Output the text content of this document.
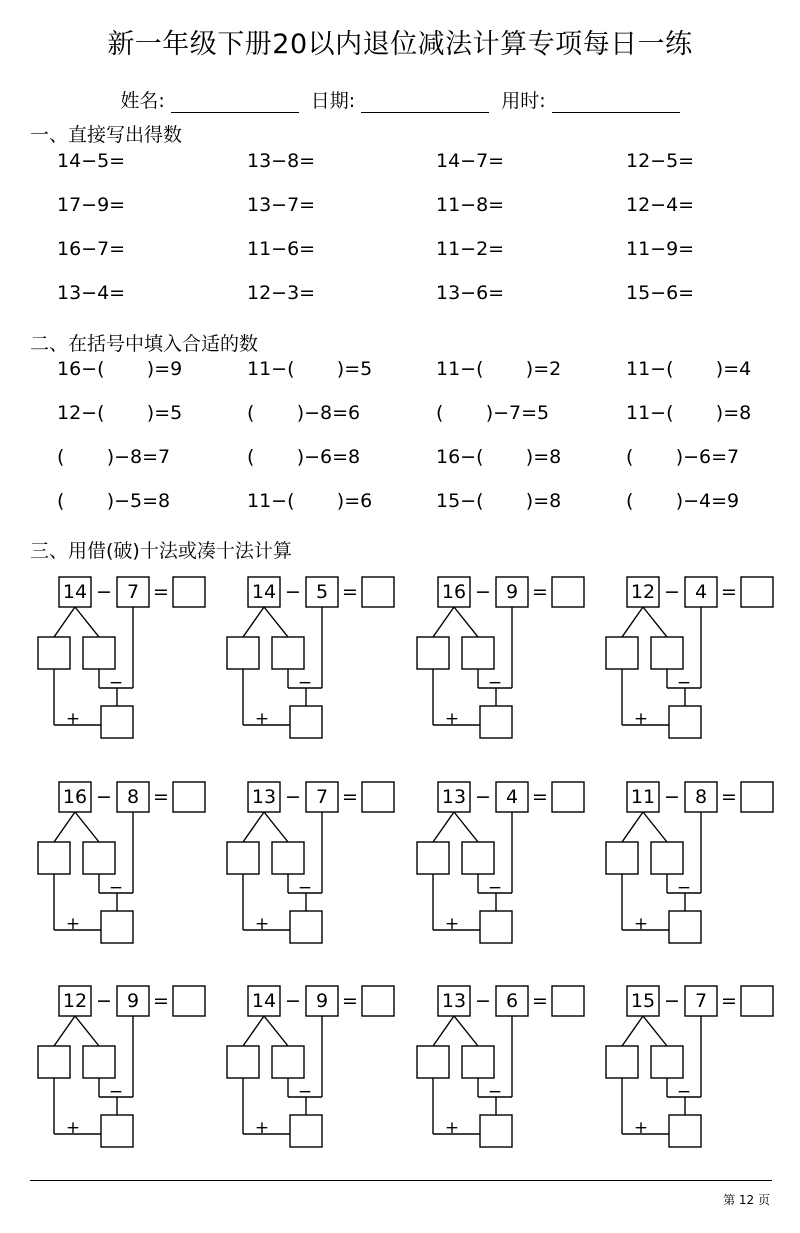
新一年级下册20以内退位减法计算专项每日一练
姓名:	日期:	用时:
一、直接写出得数
14−5=	13−8=	14−7=	12−5=
17−9=	13−7=	11−8=	12−4=
16−7=	11−6=	11−2=	11−9=
13−4=	12−3=	13−6=	15−6=
二、在括号中填入合适的数
16−(       )=9	11−(       )=5	11−(       )=2	11−(       )=4
12−(       )=5	(       )−8=6	(       )−7=5	11−(       )=8
(       )−8=7	(       )−6=8	16−(       )=8	(       )−6=7
(       )−5=8	11−(       )=6	15−(       )=8	(       )−4=9
三、用借(破)十法或凑十法计算
14 − 7 =
−
+
14 − 5 =
−
+
16 − 9 =
−
+
12 − 4 =
−
+
16 − 8 =
−
+
13 − 7 =
−
+
13 − 4 =
−
+
11 − 8 =
−
+
12 − 9 =
−
+
14 − 9 =
−
+
13 − 6 =
−
+
15 − 7 =
−
+
第 12 页
